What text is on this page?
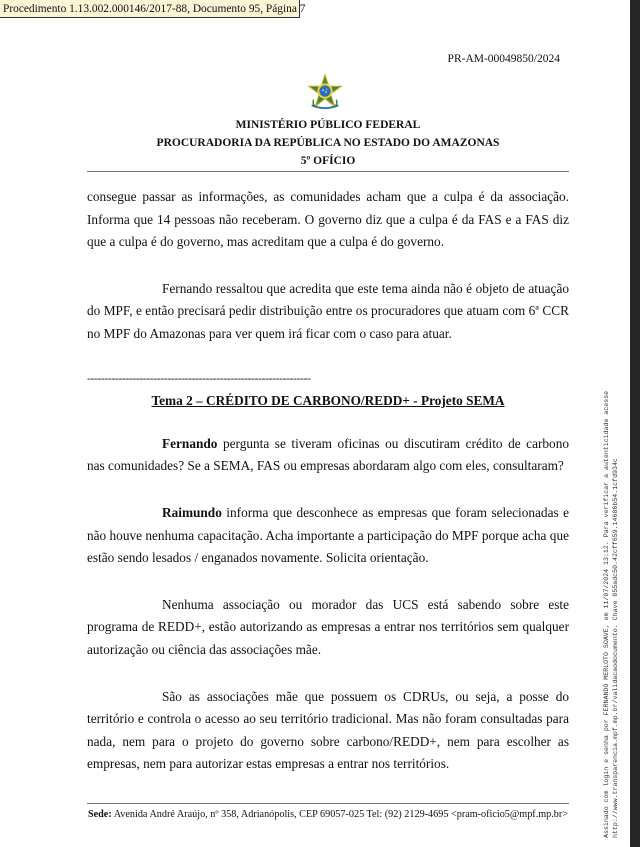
Procedimento 1.13.002.000146/2017-88, Documento 95, Página 7
PR-AM-00049850/2024
MINISTÉRIO PÚBLICO FEDERAL
PROCURADORIA DA REPÚBLICA NO ESTADO DO AMAZONAS
5º OFÍCIO

consegue passar as informações, as comunidades acham que a culpa é da associação. Informa que 14 pessoas não receberam. O governo diz que a culpa é da FAS e a FAS diz que a culpa é do governo, mas acreditam que a culpa é do governo.

Fernando ressaltou que acredita que este tema ainda não é objeto de atuação do MPF, e então precisará pedir distribuição entre os procuradores que atuam com 6ª CCR no MPF do Amazonas para ver quem irá ficar com o caso para atuar.

----------------------------------------------------------------

Tema 2 – CRÉDITO DE CARBONO/REDD+ - Projeto SEMA

Fernando pergunta se tiveram oficinas ou discutiram crédito de carbono nas comunidades? Se a SEMA, FAS ou empresas abordaram algo com eles, consultaram?

Raimundo informa que desconhece as empresas que foram selecionadas e não houve nenhuma capacitação. Acha importante a participação do MPF porque acha que estão sendo lesados / enganados novamente. Solicita orientação.

Nenhuma associação ou morador das UCS está sabendo sobre este programa de REDD+, estão autorizando as empresas a entrar nos territórios sem qualquer autorização ou ciência das associações mãe.

São as associações mãe que possuem os CDRUs, ou seja, a posse do território e controla o acesso ao seu território tradicional. Mas não foram consultadas para nada, nem para o projeto do governo sobre carbono/REDD+, nem para escolher as empresas, nem para autorizar estas empresas a entrar nos territórios.

Sede: Avenida André Araújo, nº 358, Adrianópolis, CEP 69057-025 Tel: (92) 2129-4695 <pram-oficio5@mpf.mp.br>	Assinado com login e senha por FERNANDO MERLOTO SOAVE, em 11/07/2024 13:12. Para verificar a autenticidade acesse http://www.transparencia.mpf.mp.br/validacaodocumento. Chave 055adc50.42cff659.14686b54.1cfd934c
